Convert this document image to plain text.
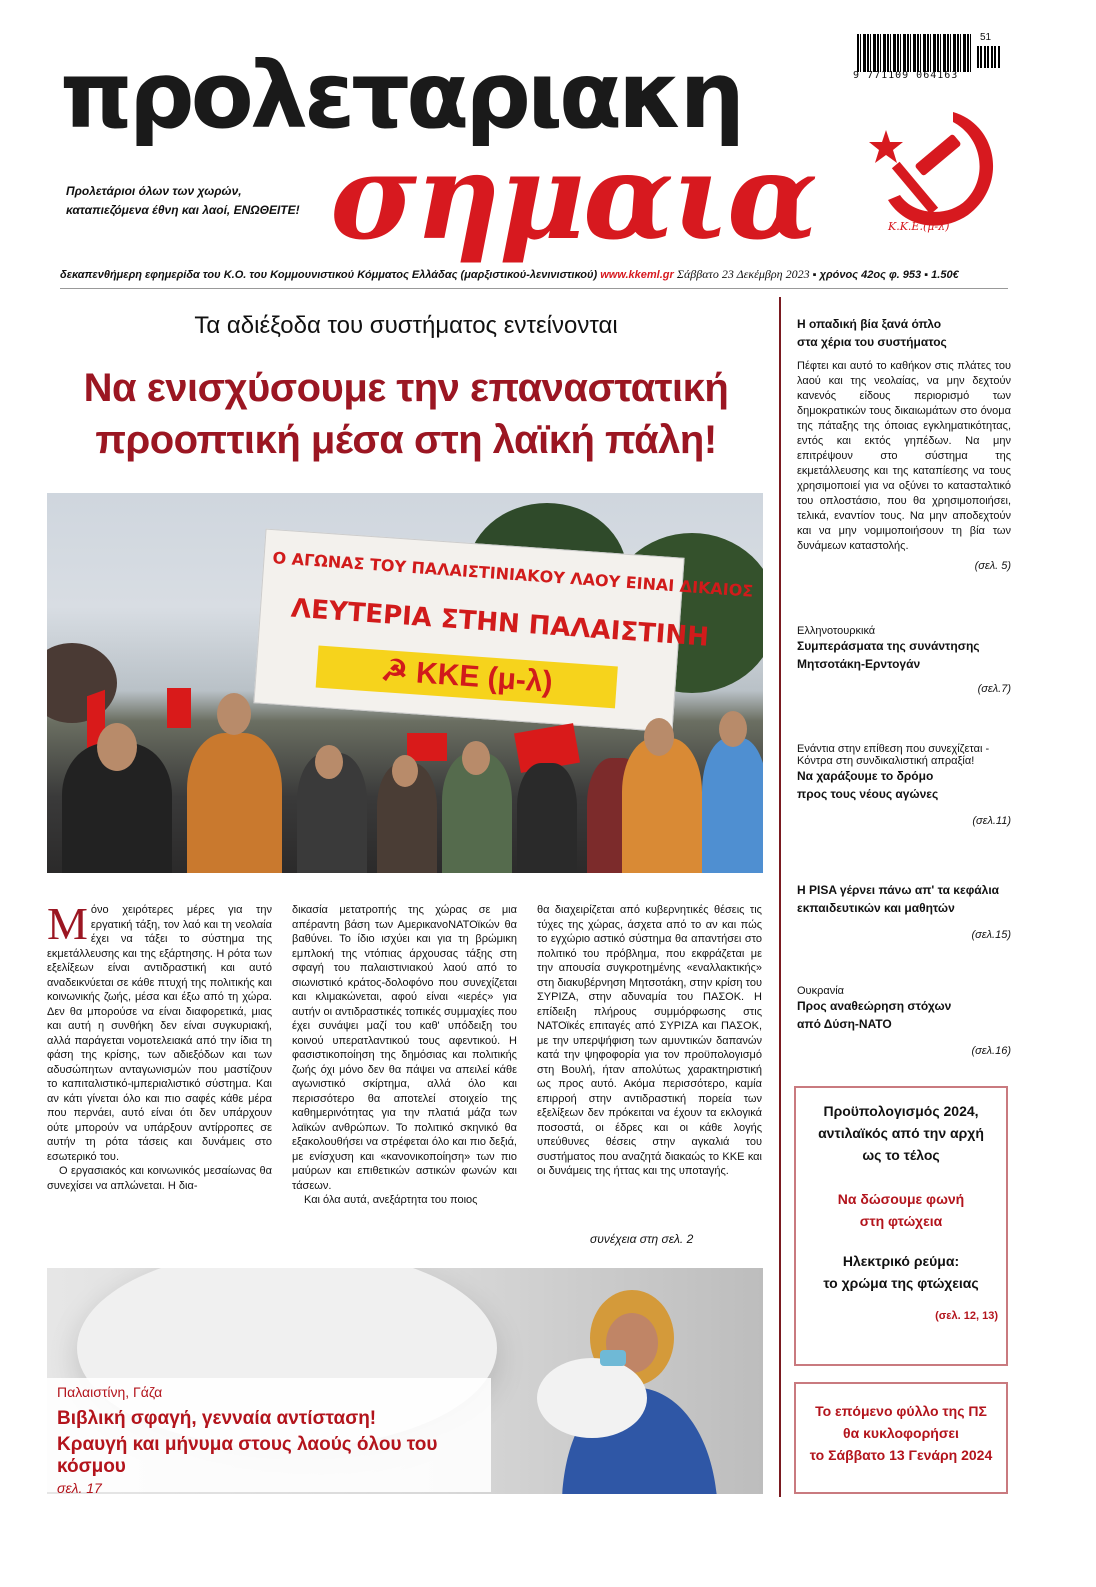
προλεταριακη
σημαια
Προλετάριοι όλων των χωρών,
καταπιεζόμενα έθνη και λαοί, ΕΝΩΘΕΙΤΕ!
9 771109 064163
51
Κ.Κ.Ε.(μ-λ)
δεκαπενθήμερη εφημερίδα του Κ.Ο. του Κομμουνιστικού Κόμματος Ελλάδας (μαρξιστικού-λενινιστικού) www.kkeml.gr Σάββατο 23 Δεκέμβρη 2023 ▪ χρόνος 42ος φ. 953 ▪ 1.50€
Τα αδιέξοδα του συστήματος εντείνονται
Να ενισχύσουμε την επαναστατική
προοπτική μέσα στη λαϊκή πάλη!
Ο ΑΓΩΝΑΣ ΤΟΥ ΠΑΛΑΙΣΤΙΝΙΑΚΟΥ ΛΑΟΥ ΕΙΝΑΙ ΔΙΚΑΙΟΣ
ΛΕΥΤΕΡΙΑ ΣΤΗΝ ΠΑΛΑΙΣΤΙΝΗ
☭ ΚΚΕ (μ-λ)

Μόνο χειρότερες μέρες για την εργατική τάξη, τον λαό και τη νεολαία έχει να τάξει το σύστημα της εκμετάλλευσης και της εξάρτησης. Η ρότα των εξελίξεων είναι αντιδραστική και αυτό αναδεικνύεται σε κάθε πτυχή της πολιτικής και κοινωνικής ζωής, μέσα και έξω από τη χώρα. Δεν θα μπορούσε να είναι διαφορετικά, μιας και αυτή η συνθήκη δεν είναι συγκυριακή, αλλά παράγεται νομοτελειακά από την ίδια τη φάση της κρίσης, των αδιεξόδων και των αδυσώπητων ανταγωνισμών που μαστίζουν το καπιταλιστικό-ιμπεριαλιστικό σύστημα. Και αν κάτι γίνεται όλο και πιο σαφές κάθε μέρα που περνάει, αυτό είναι ότι δεν υπάρχουν ούτε μπορούν να υπάρξουν αντίρροπες σε αυτήν τη ρότα τάσεις και δυνάμεις στο εσωτερικό του.

Ο εργασιακός και κοινωνικός μεσαίωνας θα συνεχίσει να απλώνεται. Η δια-

δικασία μετατροπής της χώρας σε μια απέραντη βάση των ΑμερικανοΝΑΤΟϊκών θα βαθύνει. Το ίδιο ισχύει και για τη βρώμικη εμπλοκή της ντόπιας άρχουσας τάξης στη σφαγή του παλαιστινιακού λαού από το σιωνιστικό κράτος-δολοφόνο που συνεχίζεται και κλιμακώνεται, αφού είναι «ιερές» για αυτήν οι αντιδραστικές τοπικές συμμαχίες που έχει συνάψει μαζί του καθ' υπόδειξη του κοινού υπερατλαντικού τους αφεντικού. Η φασιστικοποίηση της δημόσιας και πολιτικής ζωής όχι μόνο δεν θα πάψει να απειλεί κάθε αγωνιστικό σκίρτημα, αλλά όλο και περισσότερο θα αποτελεί στοιχείο της καθημερινότητας για την πλατιά μάζα των λαϊκών ανθρώπων. Το πολιτικό σκηνικό θα εξακολουθήσει να στρέφεται όλο και πιο δεξιά, με ενίσχυση και «κανονικοποίηση» των πιο μαύρων και επιθετικών αστικών φωνών και τάσεων.

Και όλα αυτά, ανεξάρτητα του ποιος

θα διαχειρίζεται από κυβερνητικές θέσεις τις τύχες της χώρας, άσχετα από το αν και πώς το εγχώριο αστικό σύστημα θα απαντήσει στο πολιτικό του πρόβλημα, που εκφράζεται με την απουσία συγκροτημένης «εναλλακτικής» στη διακυβέρνηση Μητσοτάκη, στην κρίση του ΣΥΡΙΖΑ, στην αδυναμία του ΠΑΣΟΚ. Η επίδειξη πλήρους συμμόρφωσης στις ΝΑΤΟϊκές επιταγές από ΣΥΡΙΖΑ και ΠΑΣΟΚ, με την υπερψήφιση των αμυντικών δαπανών κατά την ψηφοφορία για τον προϋπολογισμό στη Βουλή, ήταν απολύτως χαρακτηριστική ως προς αυτό. Ακόμα περισσότερο, καμία επιρροή στην αντιδραστική πορεία των εξελίξεων δεν πρόκειται να έχουν τα εκλογικά ποσοστά, οι έδρες και οι κάθε λογής υπεύθυνες θέσεις στην αγκαλιά του συστήματος που αναζητά διακαώς το ΚΚΕ και οι δυνάμεις της ήττας και της υποταγής.

συνέχεια στη σελ. 2
Παλαιστίνη, Γάζα
Βιβλική σφαγή, γενναία αντίσταση!
Κραυγή και μήνυμα στους λαούς όλου του κόσμου
σελ. 17
Η οπαδική βία ξανά όπλο
στα χέρια του συστήματος
Πέφτει και αυτό το καθήκον στις πλάτες του λαού και της νεολαίας, να μην δεχτούν κανενός είδους περιορισμό των δημοκρατικών τους δικαιωμάτων στο όνομα της πάταξης της όποιας εγκληματικότητας, εντός και εκτός γηπέδων. Να μην επιτρέψουν στο σύστημα της εκμετάλλευσης και της καταπίεσης να τους χρησιμοποιεί για να οξύνει το κατασταλτικό του οπλοστάσιο, που θα χρησιμοποιήσει, τελικά, εναντίον τους. Να μην αποδεχτούν και να μην νομιμοποιήσουν τη βία των δυνάμεων καταστολής.
(σελ. 5)
Ελληνοτουρκικά
Συμπεράσματα της συνάντησης
Μητσοτάκη-Ερντογάν
(σελ.7)
Ενάντια στην επίθεση που συνεχίζεται -
Κόντρα στη συνδικαλιστική απραξία!
Να χαράξουμε το δρόμο
προς τους νέους αγώνες
(σελ.11)
Η PISA γέρνει πάνω απ' τα κεφάλια
εκπαιδευτικών και μαθητών
(σελ.15)
Ουκρανία
Προς αναθεώρηση στόχων
από Δύση-ΝΑΤΟ
(σελ.16)
Προϋπολογισμός 2024,
αντιλαϊκός από την αρχή
ως το τέλος
Να δώσουμε φωνή
στη φτώχεια
Ηλεκτρικό ρεύμα:
το χρώμα της φτώχειας
(σελ. 12, 13)
Το επόμενο φύλλο της ΠΣ
θα κυκλοφορήσει
το Σάββατο 13 Γενάρη 2024
